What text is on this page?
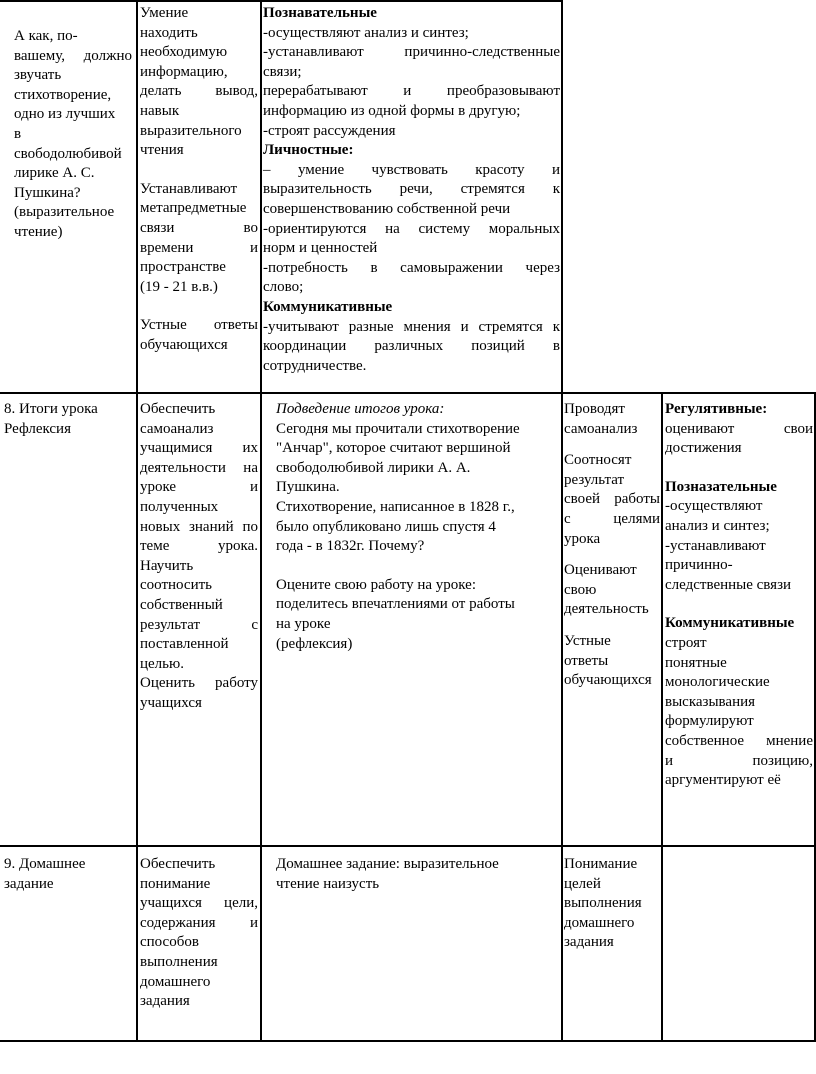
А как, по-

вашему, должно

звучать

стихотворение,

одно из лучших

в

свободолюбивой

лирике А. С.

Пушкина?

(выразительное

чтение)

Умение

находить

необходимую

информацию,

делать вывод,

навык

выразительного

чтения

Устанавливают

метапредметные

связи во

времени и

пространстве

(19 - 21 в.в.)

Устные ответы

обучающихся

Познавательные

-осуществляют анализ и синтез;

-устанавливают причинно-следственные

связи;

перерабатывают и преобразовывают

информацию из одной формы в другую;

-строят рассуждения

Личностные:

– умение чувствовать красоту и

выразительность речи, стремятся к

совершенствованию собственной речи

-ориентируются на систему моральных

норм и ценностей

-потребность в самовыражении через

слово;

Коммуникативные

-учитывают разные мнения и стремятся к

координации различных позиций в

сотрудничестве.

8. Итоги урока

Рефлексия

Обеспечить

самоанализ

учащимися их

деятельности на

уроке и

полученных

новых знаний по

теме урока.

Научить

соотносить

собственный

результат с

поставленной

целью.

Оценить работу

учащихся

Подведение итогов урока:

Сегодня мы прочитали стихотворение

"Анчар", которое считают вершиной

свободолюбивой лирики А. А.

Пушкина.

Стихотворение, написанное в 1828 г.,

было опубликовано лишь спустя 4

года - в 1832г. Почему?

Оцените свою работу на уроке:

поделитесь впечатлениями от работы

на уроке

(рефлексия)

Проводят

самоанализ

Соотносят

результат

своей работы

с целями

урока

Оценивают

свою

деятельность

Устные

ответы

обучающихся

Регулятивные:

оценивают свои

достижения

Позназательные

-осуществляют

анализ и синтез;

-устанавливают

причинно-

следственные связи

Коммуникативные

строят

понятные

монологические

высказывания

формулируют

собственное мнение

и позицию,

аргументируют её

9. Домашнее

задание

Обеспечить

понимание

учащихся цели,

содержания и

способов

выполнения

домашнего

задания

Домашнее задание: выразительное

чтение наизусть

Понимание

целей

выполнения

домашнего

задания
